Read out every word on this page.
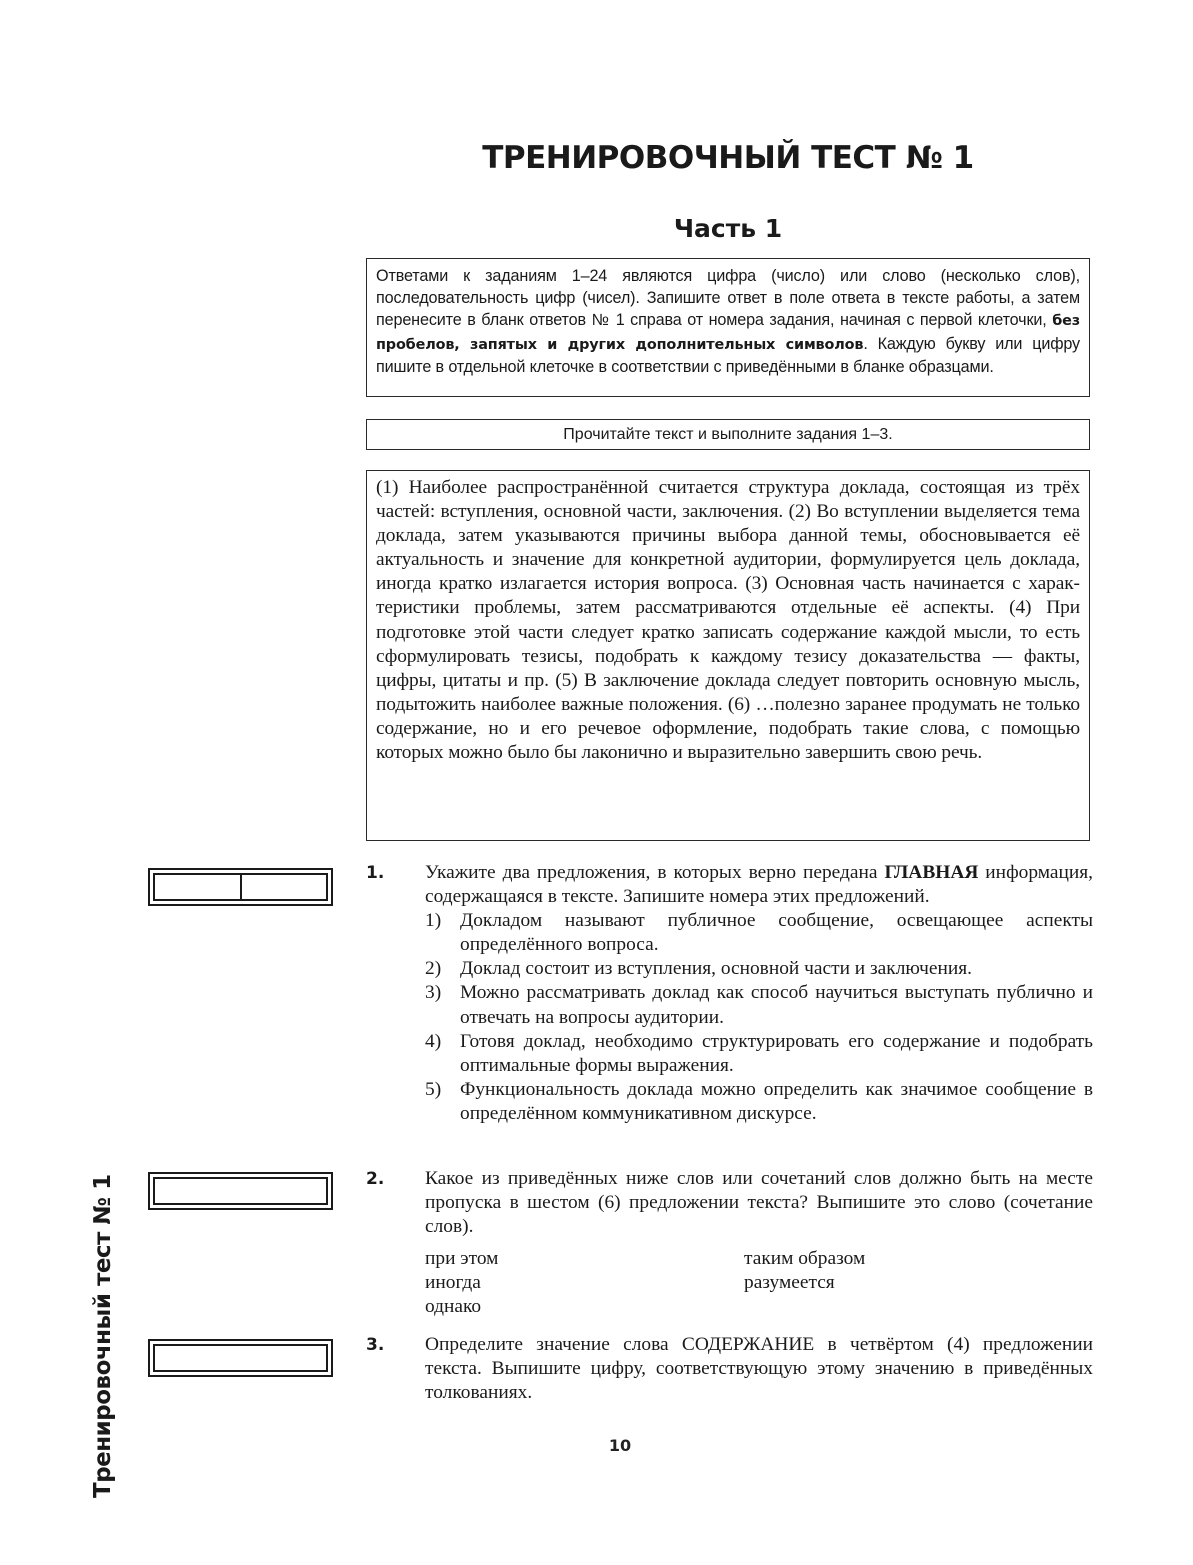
ТРЕНИРОВОЧНЫЙ ТЕСТ № 1
Часть 1
Ответами к заданиям 1–24 являются цифра (число) или слово (несколько слов), последовательность цифр (чисел). Запишите ответ в поле ответа в тексте работы, а затем перенесите в бланк ответов № 1 справа от номера задания, начиная с первой клеточки, без пробелов, запятых и других дополнительных символов. Каждую букву или цифру пишите в отдельной клеточке в соответствии с приведёнными в бланке образцами.
Прочитайте текст и выполните задания 1–3.
(1) Наиболее распространённой считается структура доклада, состоящая из трёх частей: вступления, основной части, заключения. (2) Во вступлении выделяется тема доклада, затем указываются причины выбора данной темы, обосновывается её актуальность и значение для конкретной аудитории, формулируется цель доклада, иногда кратко излагается история вопроса. (3) Основная часть начинается с характеристики проблемы, затем рассматриваются отдельные её аспекты. (4) При подготовке этой части следует кратко записать содержание каждой мысли, то есть сформулировать тезисы, подобрать к каждому тезису доказательства — факты, цифры, цитаты и пр. (5) В заключение доклада следует повторить основную мысль, подытожить наиболее важные положения. (6) …полезно заранее продумать не только содержание, но и его речевое оформление, подобрать такие слова, с помощью которых можно было бы лаконично и выразительно завершить свою речь.
1. Укажите два предложения, в которых верно передана ГЛАВНАЯ информация, содержащаяся в тексте. Запишите номера этих предложений.
1) Докладом называют публичное сообщение, освещающее аспекты определённого вопроса.
2) Доклад состоит из вступления, основной части и заключения.
3) Можно рассматривать доклад как способ научиться выступать публично и отвечать на вопросы аудитории.
4) Готовя доклад, необходимо структурировать его содержание и подобрать оптимальные формы выражения.
5) Функциональность доклада можно определить как значимое сообщение в определённом коммуникативном дискурсе.
2. Какое из приведённых ниже слов или сочетаний слов должно быть на месте пропуска в шестом (6) предложении текста? Выпишите это слово (сочетание слов).
при этом	таким образом
иногда	разумеется
однако
3. Определите значение слова СОДЕРЖАНИЕ в четвёртом (4) предложении текста. Выпишите цифру, соответствующую этому значению в приведённых толкованиях.
Тренировочный тест № 1	10
